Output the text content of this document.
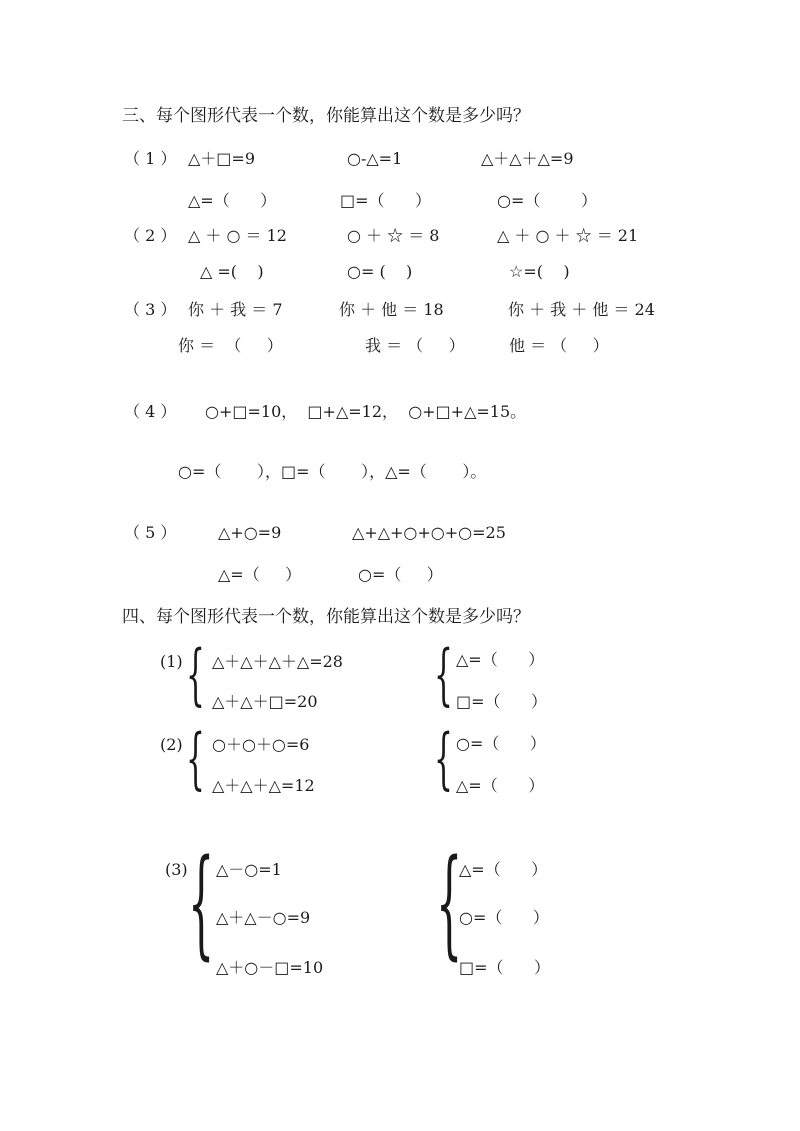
三、每个图形代表一个数，你能算出这个数是多少吗？
（ 1 ） △＋□=9	○-△=1	△＋△＋△=9
△=（      ）	□=（      ）	○=（        ）
（ 2 ） △ ＋ ○ ＝ 12	○ ＋ ☆ ＝ 8	△ ＋ ○ ＋ ☆ ＝ 21
△ =(    )	○= (    )	☆=(    )
（ 3 ） 你 ＋ 我 ＝ 7	你 ＋ 他 ＝ 18	你 ＋ 我 ＋ 他 ＝ 24
你 ＝  （     ）	我 ＝ （     ）	他 ＝ （     ）
（ 4 ） ○+□=10，  □+△=12，  ○+□+△=15。
○=（       ），□=（       ），△=（       ）。
（ 5 ）	△+○=9	△+△+○+○+○=25
△=（     ）	○=（     ）
四、每个图形代表一个数，你能算出这个数是多少吗？
(1) { △＋△＋△＋△=28
△＋△＋□=20 { △=（      ）
□=（      ）
(2) { ○＋○＋○=6
△＋△＋△=12 { ○=（      ）
△=（      ）
(3) { △－○=1
△＋△－○=9
△＋○－□=10 {
△=（      ）
○=（      ）
□=（      ）
